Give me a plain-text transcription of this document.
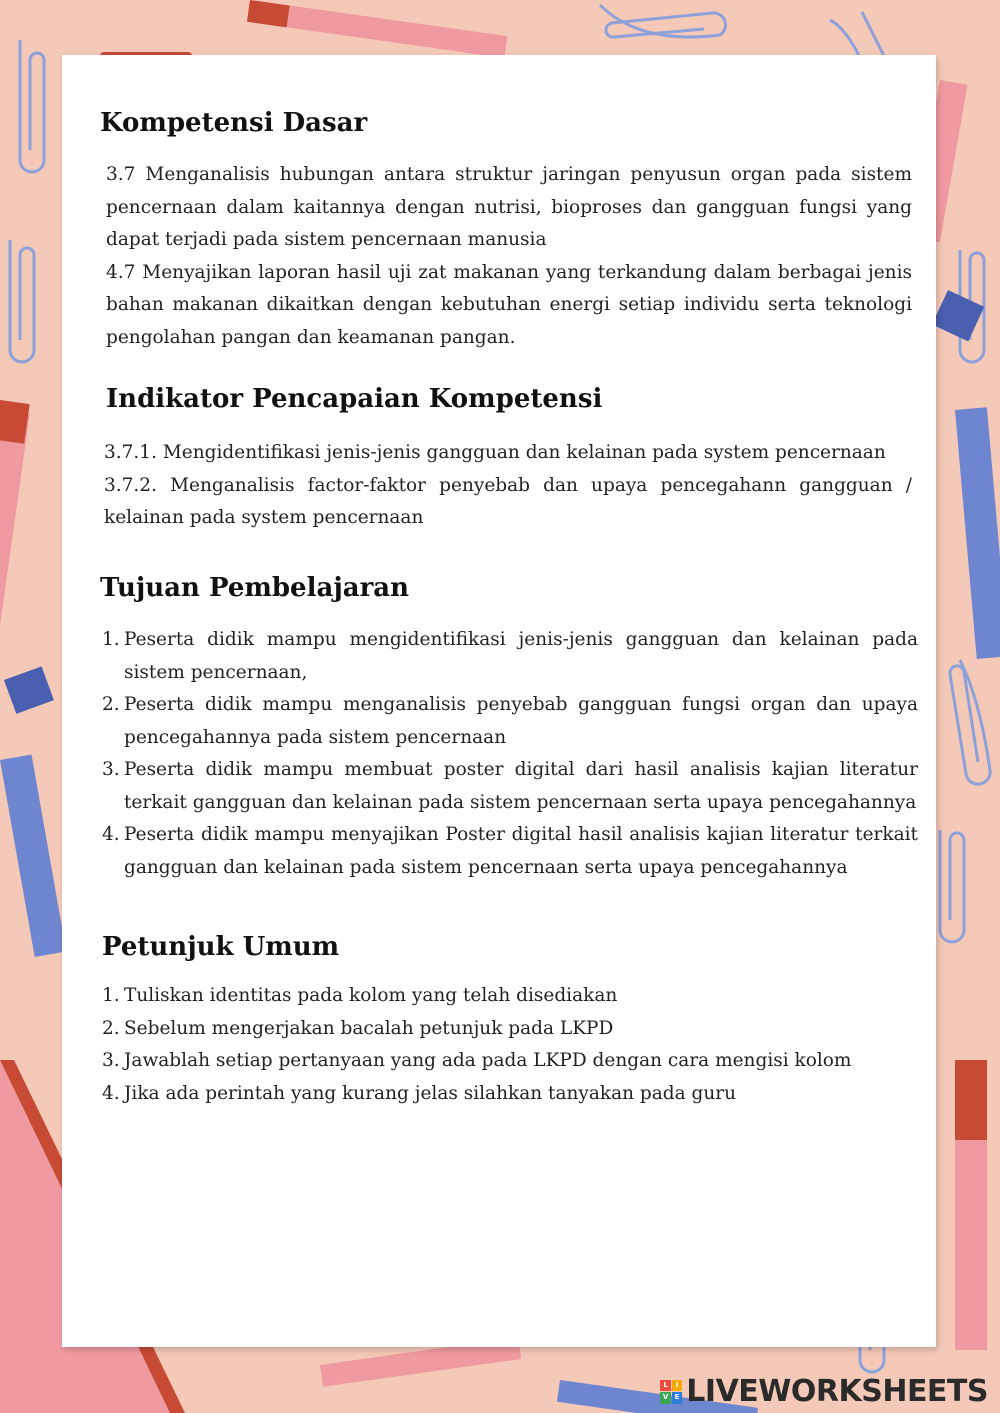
Kompetensi Dasar

3.7 Menganalisis hubungan antara struktur jaringan penyusun organ pada sistem pencernaan dalam kaitannya dengan nutrisi, bioproses dan gangguan fungsi yang dapat terjadi pada sistem pencernaan manusia

4.7 Menyajikan laporan hasil uji zat makanan yang terkandung dalam berbagai jenis bahan makanan dikaitkan dengan kebutuhan energi setiap individu serta teknologi pengolahan pangan dan keamanan pangan.

Indikator Pencapaian Kompetensi

3.7.1. Mengidentifikasi jenis-jenis gangguan dan kelainan pada system pencernaan

3.7.2. Menganalisis factor-faktor penyebab dan upaya pencegahann gangguan / kelainan pada system pencernaan

Tujuan Pembelajaran
1. Peserta didik mampu mengidentifikasi jenis-jenis gangguan dan kelainan pada sistem pencernaan,
2. Peserta didik mampu menganalisis penyebab gangguan fungsi organ dan upaya pencegahannya pada sistem pencernaan
3. Peserta didik mampu membuat poster digital dari hasil analisis kajian literatur terkait gangguan dan kelainan pada sistem pencernaan serta upaya pencegahannya
4. Peserta didik mampu menyajikan Poster digital hasil analisis kajian literatur terkait gangguan dan kelainan pada sistem pencernaan serta upaya pencegahannya
Petunjuk Umum
1. Tuliskan identitas pada kolom yang telah disediakan
2. Sebelum mengerjakan bacalah petunjuk pada LKPD
3. Jawablah setiap pertanyaan yang ada pada LKPD dengan cara mengisi kolom
4. Jika ada perintah yang kurang jelas silahkan tanyakan pada guru
L	I
V E LIVEWORKSHEETS
